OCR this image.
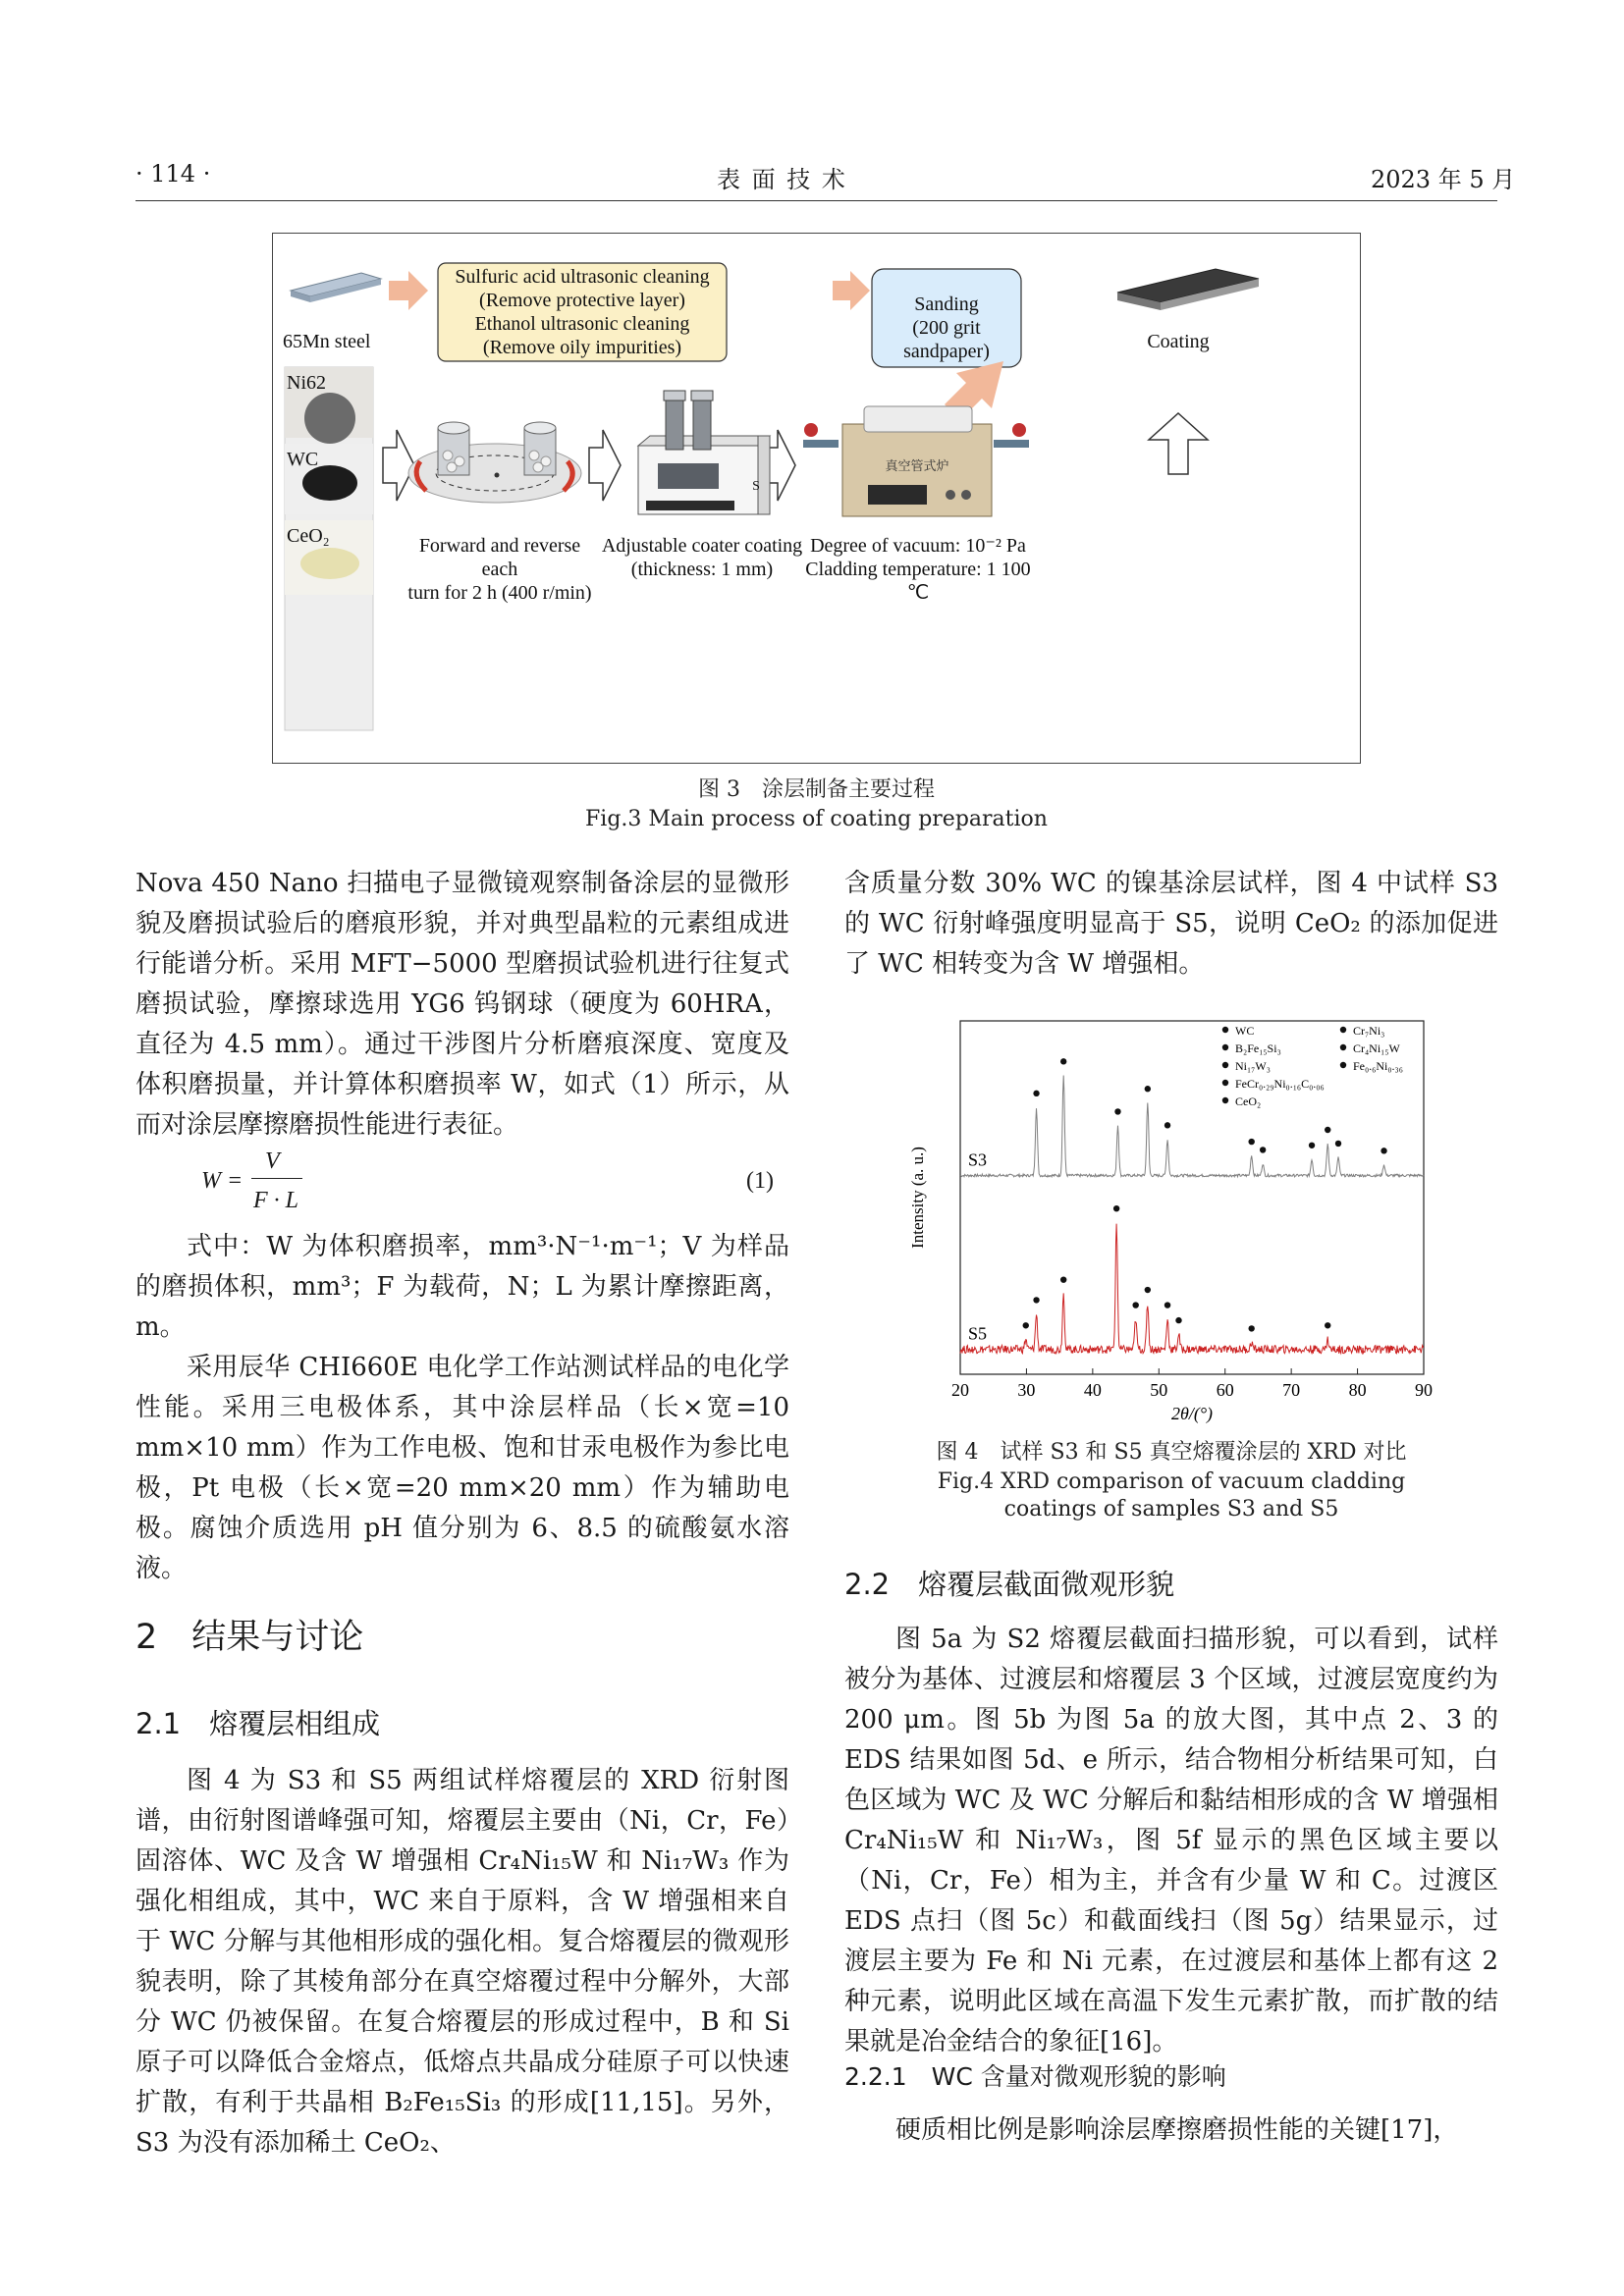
· 114 ·	表 面 技 术	2023 年 5 月
65Mn steel
Sulfuric acid ultrasonic cleaning
(Remove protective layer)
Ethanol ultrasonic cleaning
(Remove oily impurities)
Sanding
(200 grit sandpaper)	Coating
Ni62
WC
CeO₂	Forward and reverse each
turn for 2 h (400 r/min)
Adjustable coater coating
(thickness: 1 mm)
Degree of vacuum: 10⁻² Pa
Cladding temperature: 1 100 ℃
真空管式炉
S
图 3　涂层制备主要过程
Fig.3 Main process of coating preparation

Nova 450 Nano 扫描电子显微镜观察制备涂层的显微形貌及磨损试验后的磨痕形貌，并对典型晶粒的元素组成进行能谱分析。采用 MFT−5000 型磨损试验机进行往复式磨损试验，摩擦球选用 YG6 钨钢球（硬度为 60HRA，直径为 4.5 mm）。通过干涉图片分析磨痕深度、宽度及体积磨损量，并计算体积磨损率 W，如式（1）所示，从而对涂层摩擦磨损性能进行表征。

W =
V
F · L
(1)

式中：W 为体积磨损率，mm³·N⁻¹·m⁻¹；V 为样品的磨损体积，mm³；F 为载荷，N；L 为累计摩擦距离，m。

采用辰华 CHI660E 电化学工作站测试样品的电化学性能。采用三电极体系，其中涂层样品（长×宽=10 mm×10 mm）作为工作电极、饱和甘汞电极作为参比电极，Pt 电极（长×宽=20 mm×20 mm）作为辅助电极。腐蚀介质选用 pH 值分别为 6、8.5 的硫酸氨水溶液。

2　结果与讨论
2.1　熔覆层相组成

图 4 为 S3 和 S5 两组试样熔覆层的 XRD 衍射图谱，由衍射图谱峰强可知，熔覆层主要由（Ni，Cr，Fe）固溶体、WC 及含 W 增强相 Cr₄Ni₁₅W 和 Ni₁₇W₃ 作为强化相组成，其中，WC 来自于原料，含 W 增强相来自于 WC 分解与其他相形成的强化相。复合熔覆层的微观形貌表明，除了其棱角部分在真空熔覆过程中分解外，大部分 WC 仍被保留。在复合熔覆层的形成过程中，B 和 Si 原子可以降低合金熔点，低熔点共晶成分硅原子可以快速扩散，有利于共晶相 B₂Fe₁₅Si₃ 的形成[11,15]。另外，S3 为没有添加稀土 CeO₂、

含质量分数 30% WC 的镍基涂层试样，图 4 中试样 S3 的 WC 衍射峰强度明显高于 S5，说明 CeO₂ 的添加促进了 WC 相转变为含 W 增强相。

20	30	40	50	60	70	80	90
2θ/(°)
Intensity (a. u.) S3
S5
WC	Cr₇Ni₃
B₂Fe₁₅Si₃	Cr₄Ni₁₅W
Ni₁₇W₃	Fe₀.₆Ni₀.₃₆
FeCr₀.₂₉Ni₀.₁₆C₀.₀₆
CeO₂
图 4　试样 S3 和 S5 真空熔覆涂层的 XRD 对比
Fig.4 XRD comparison of vacuum cladding
coatings of samples S3 and S5
2.2　熔覆层截面微观形貌

图 5a 为 S2 熔覆层截面扫描形貌，可以看到，试样被分为基体、过渡层和熔覆层 3 个区域，过渡层宽度约为 200 μm。图 5b 为图 5a 的放大图，其中点 2、3 的 EDS 结果如图 5d、e 所示，结合物相分析结果可知，白色区域为 WC 及 WC 分解后和黏结相形成的含 W 增强相 Cr₄Ni₁₅W 和 Ni₁₇W₃，图 5f 显示的黑色区域主要以（Ni，Cr，Fe）相为主，并含有少量 W 和 C。过渡区 EDS 点扫（图 5c）和截面线扫（图 5g）结果显示，过渡层主要为 Fe 和 Ni 元素，在过渡层和基体上都有这 2 种元素，说明此区域在高温下发生元素扩散，而扩散的结果就是冶金结合的象征[16]。

2.2.1　WC 含量对微观形貌的影响

硬质相比例是影响涂层摩擦磨损性能的关键[17]，
